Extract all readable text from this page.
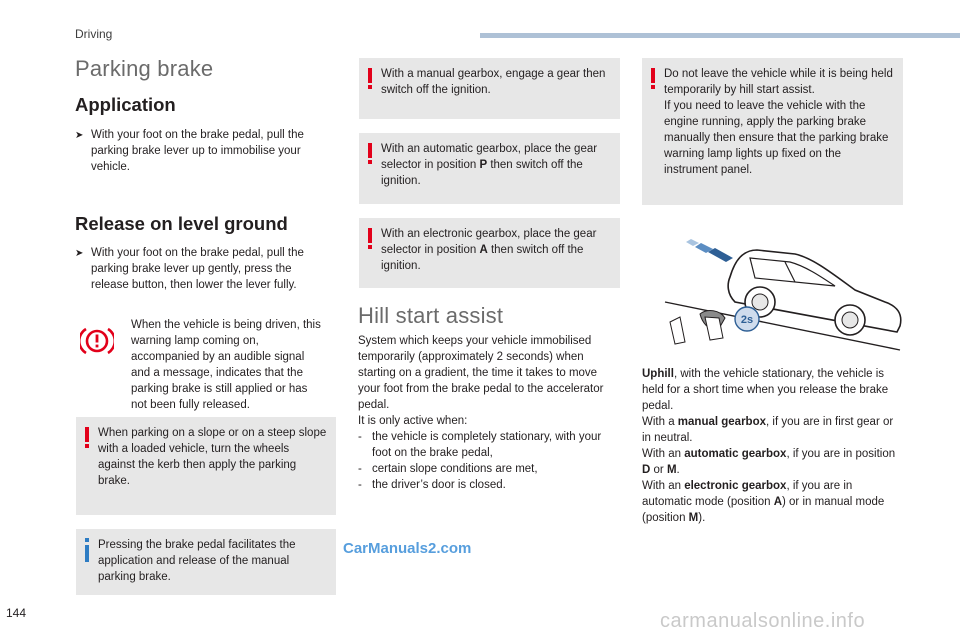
Driving
Parking brake
Application
➤ With your foot on the brake pedal, pull the parking brake lever up to immobilise your vehicle.
Release on level ground
➤ With your foot on the brake pedal, pull the parking brake lever up gently, press the release button, then lower the lever fully.
When the vehicle is being driven, this warning lamp coming on, accompanied by an audible signal and a message, indicates that the parking brake is still applied or has not been fully released.
When parking on a slope or on a steep slope with a loaded vehicle, turn the wheels against the kerb then apply the parking brake.
Pressing the brake pedal facilitates the application and release of the manual parking brake.
With a manual gearbox, engage a gear then switch off the ignition.
With an automatic gearbox, place the gear selector in position P then switch off the ignition.
With an electronic gearbox, place the gear selector in position A then switch off the ignition.
Hill start assist
System which keeps your vehicle immobilised temporarily (approximately 2 seconds) when starting on a gradient, the time it takes to move your foot from the brake pedal to the accelerator pedal.
It is only active when:
- the vehicle is completely stationary, with your foot on the brake pedal,
- certain slope conditions are met,
- the driver’s door is closed.
Do not leave the vehicle while it is being held temporarily by hill start assist.
If you need to leave the vehicle with the engine running, apply the parking brake manually then ensure that the parking brake warning lamp lights up fixed on the instrument panel.
2s
Uphill, with the vehicle stationary, the vehicle is held for a short time when you release the brake pedal.
With a manual gearbox, if you are in first gear or in neutral.
With an automatic gearbox, if you are in position D or M.
With an electronic gearbox, if you are in automatic mode (position A) or in manual mode (position M).
144
CarManuals2.com
carmanualsonline.info
